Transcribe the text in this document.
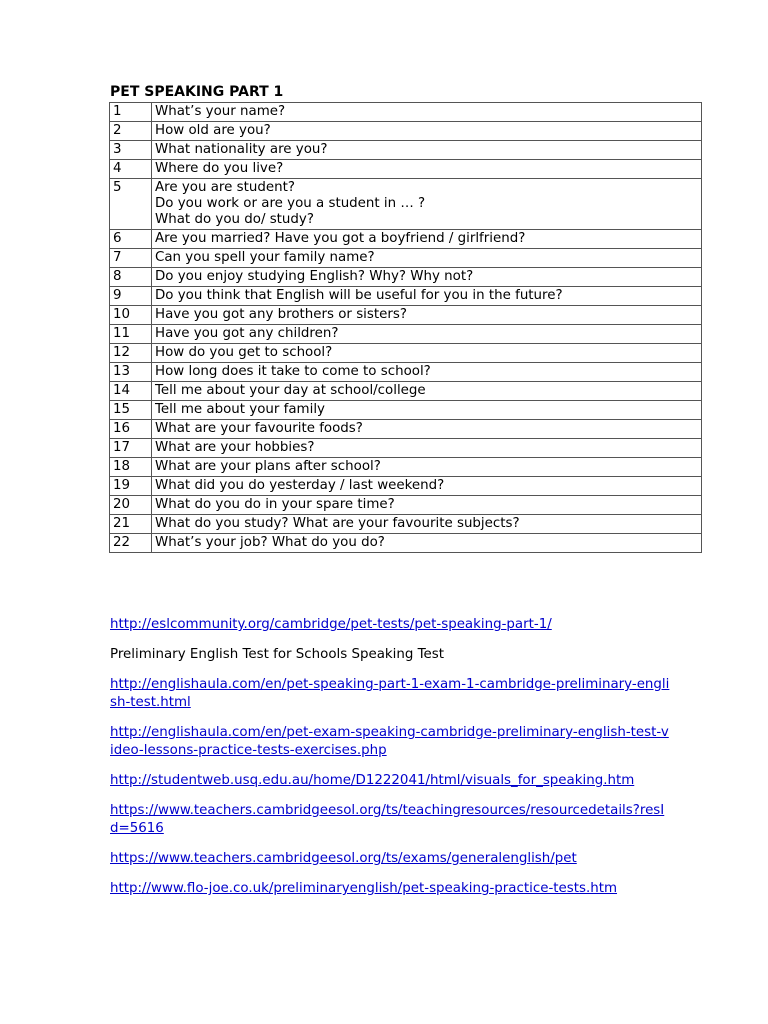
PET SPEAKING PART 1
1	What’s your name?
2	How old are you?
3	What nationality are you?
4	Where do you live?
5	Are you are student?
Do you work or are you a student in … ?
What do you do/ study?
6	Are you married? Have you got a boyfriend / girlfriend?
7	Can you spell your family name?
8	Do you enjoy studying English? Why? Why not?
9	Do you think that English will be useful for you in the future?
10	Have you got any brothers or sisters?
11	Have you got any children?
12	How do you get to school?
13	How long does it take to come to school?
14	Tell me about your day at school/college
15	Tell me about your family
16	What are your favourite foods?
17	What are your hobbies?
18	What are your plans after school?
19	What did you do yesterday / last weekend?
20	What do you do in your spare time?
21	What do you study? What are your favourite subjects?
22	What’s your job? What do you do?
http://eslcommunity.org/cambridge/pet-tests/pet-speaking-part-1/
Preliminary English Test for Schools Speaking Test
http://englishaula.com/en/pet-speaking-part-1-exam-1-cambridge-preliminary-english-test.html
http://englishaula.com/en/pet-exam-speaking-cambridge-preliminary-english-test-video-lessons-practice-tests-exercises.php
http://studentweb.usq.edu.au/home/D1222041/html/visuals_for_speaking.htm
https://www.teachers.cambridgeesol.org/ts/teachingresources/resourcedetails?resId=5616
https://www.teachers.cambridgeesol.org/ts/exams/generalenglish/pet
http://www.flo-joe.co.uk/preliminaryenglish/pet-speaking-practice-tests.htm
